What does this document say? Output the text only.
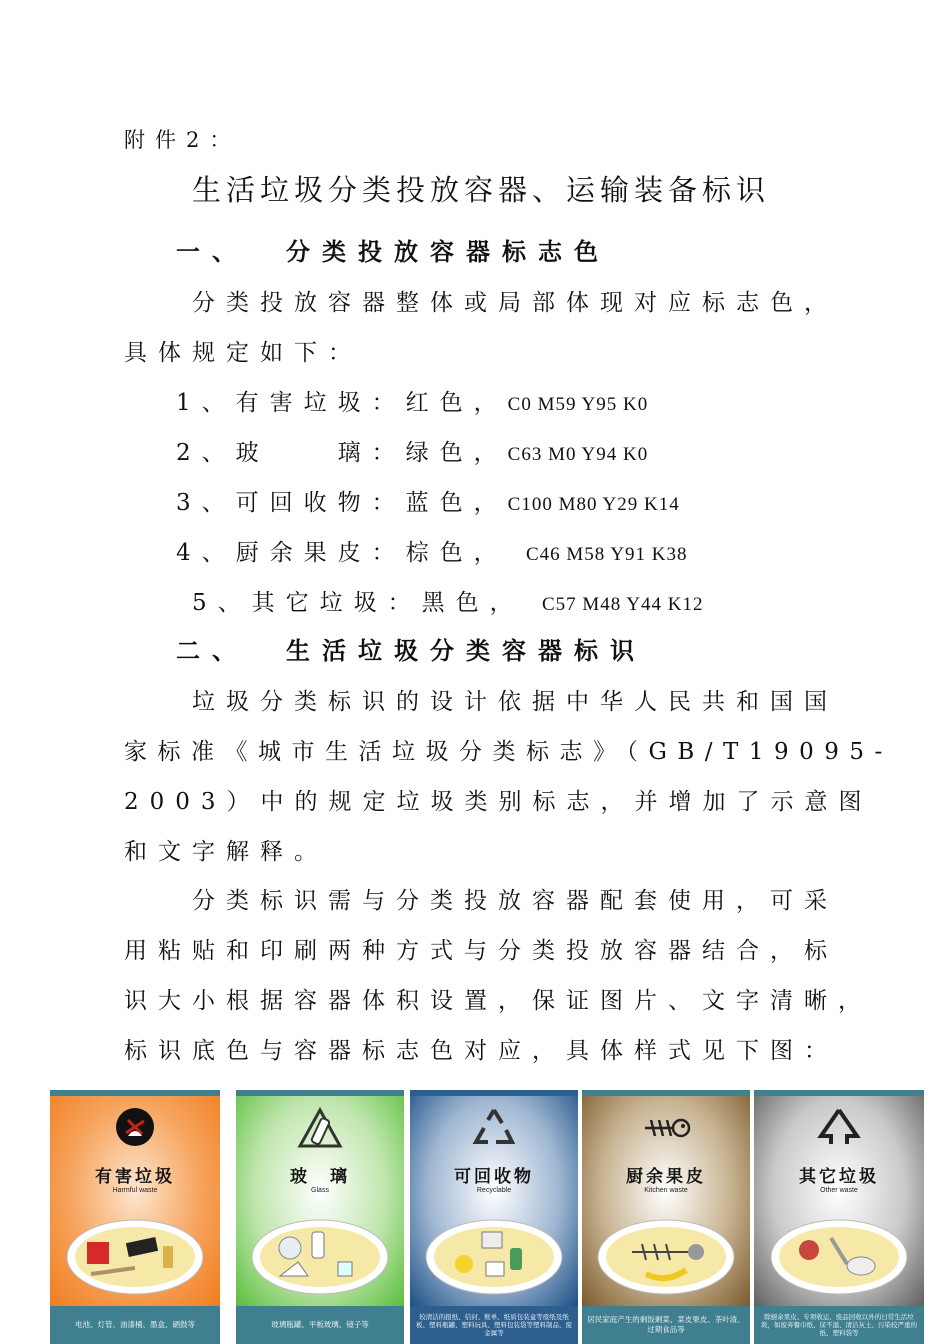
附件2：
生活垃圾分类投放容器、运输装备标识
一、 分类投放容器标志色
分类投放容器整体或局部体现对应标志色，
具体规定如下：
1、有害垃圾：红色，C0 M59 Y95 K0
2、玻　　璃：绿色，C63 M0 Y94 K0
3、可回收物：蓝色，C100 M80 Y29 K14
4、厨余果皮：棕色， C46 M58 Y91 K38
5、其它垃圾：黑色， C57 M48 Y44 K12
二、 生活垃圾分类容器标识
垃圾分类标识的设计依据中华人民共和国国
家标准《城市生活垃圾分类标志》（GB/T19095-
2003）中的规定垃圾类别标志，并增加了示意图
和文字解释。
分类标识需与分类投放容器配套使用，可采
用粘贴和印刷两种方式与分类投放容器结合，标
识大小根据容器体积设置，保证图片、文字清晰，
标识底色与容器标志色对应，具体样式见下图：
有害垃圾
Harmful waste
电池、灯管、油漆桶、墨盒、硒鼓等
玻　璃
Glass
玻璃瓶罐、平板玻璃、镜子等
可回收物
Recyclable
较清洁的报纸、信封、账单、纸质包装盒等废纸及纸板、塑料瓶罐、塑料玩具、塑料包装袋等塑料制品，废金属等
厨余果皮
Kitchen waste
居民家庭产生的剩饭剩菜、菜皮果皮、茶叶渣、过期食品等
其它垃圾
Other waste
除厨余果皮、专项收运、废品回收以外的日常生活垃圾，如废弃餐巾纸、尿不湿、清洁灰土、污染较严重的纸、塑料袋等
